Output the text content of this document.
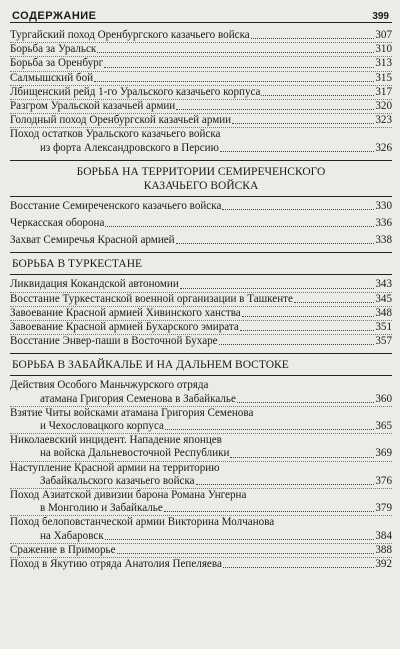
СОДЕРЖАНИЕ	399
Тургайский поход Оренбургского казачьего войска	307
Борьба за Уральск	310
Борьба за Оренбург	313
Салмышский бой	315
Лбищенский рейд 1-го Уральского казачьего корпуса	317
Разгром Уральской казачьей армии	320
Голодный поход Оренбургской казачьей армии	323
Поход остатков Уральского казачьего войска
из форта Александровского в Персию	326
БОРЬБА НА ТЕРРИТОРИИ СЕМИРЕЧЕНСКОГО
КАЗАЧЬЕГО ВОЙСКА
Восстание Семиреченского казачьего войска	330
Черкасская оборона	336
Захват Семиречья Красной армией	338
БОРЬБА В ТУРКЕСТАНЕ
Ликвидация Кокандской автономии	343
Восстание Туркестанской военной организации в Ташкенте	345
Завоевание Красной армией Хивинского ханства	348
Завоевание Красной армией Бухарского эмирата	351
Восстание Энвер-паши в Восточной Бухаре	357
БОРЬБА В ЗАБАЙКАЛЬЕ И НА ДАЛЬНЕМ ВОСТОКЕ
Действия Особого Маньчжурского отряда
атамана Григория Семенова в Забайкалье	360
Взятие Читы войсками атамана Григория Семенова
и Чехословацкого корпуса	365
Николаевский инцидент. Нападение японцев
на войска Дальневосточной Республики	369
Наступление Красной армии на территорию
Забайкальского казачьего войска	376
Поход Азиатской дивизии барона Романа Унгерна
в Монголию и Забайкалье	379
Поход белоповстанческой армии Викторина Молчанова
на Хабаровск	384
Сражение в Приморье	388
Поход в Якутию отряда Анатолия Пепеляева	392
